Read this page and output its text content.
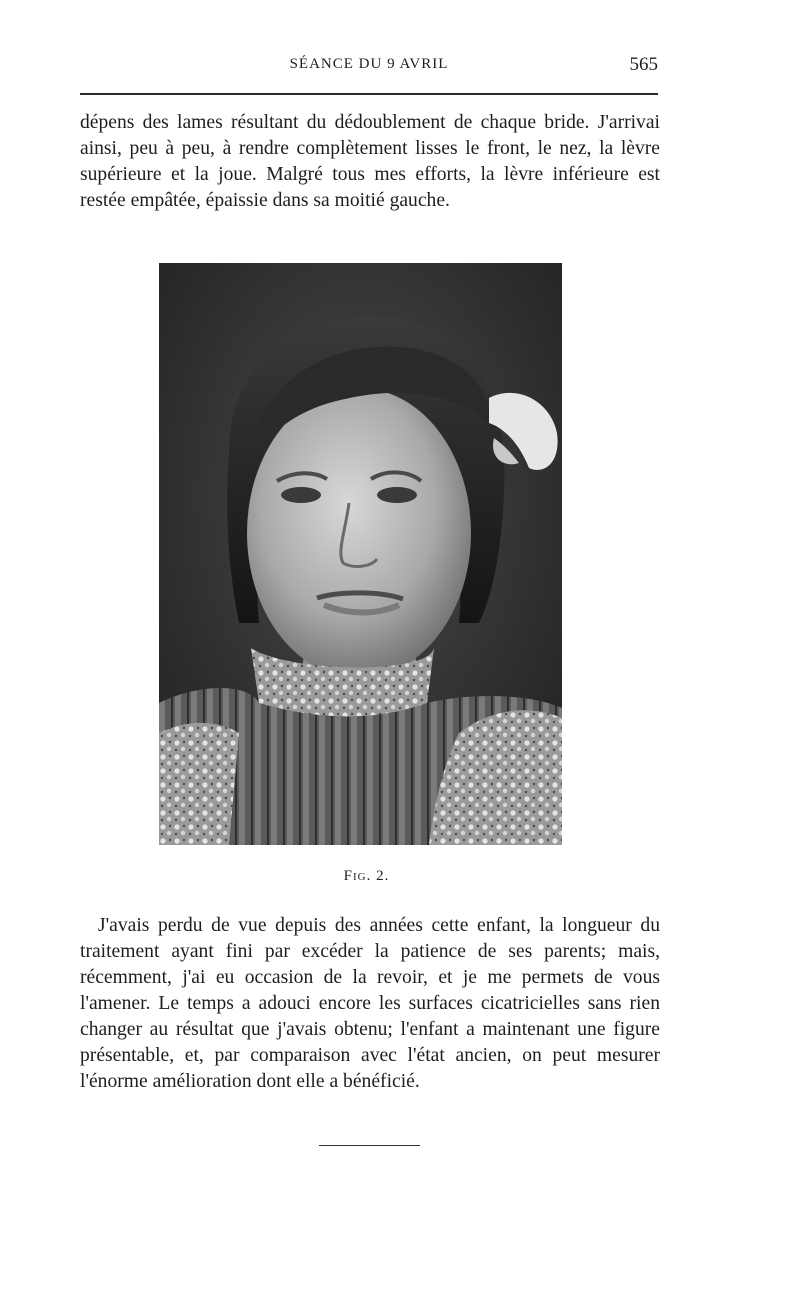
SÉANCE DU 9 AVRIL	565

dépens des lames résultant du dédoublement de chaque bride. J'arrivai ainsi, peu à peu, à rendre complètement lisses le front, le nez, la lèvre supérieure et la joue. Malgré tous mes efforts, la lèvre inférieure est restée empâtée, épaissie dans sa moitié gauche.

Fig. 2.

J'avais perdu de vue depuis des années cette enfant, la longueur du traitement ayant fini par excéder la patience de ses parents; mais, récemment, j'ai eu occasion de la revoir, et je me permets de vous l'amener. Le temps a adouci encore les surfaces cicatricielles sans rien changer au résultat que j'avais obtenu; l'enfant a maintenant une figure présentable, et, par comparaison avec l'état ancien, on peut mesurer l'énorme amélioration dont elle a bénéficié.
